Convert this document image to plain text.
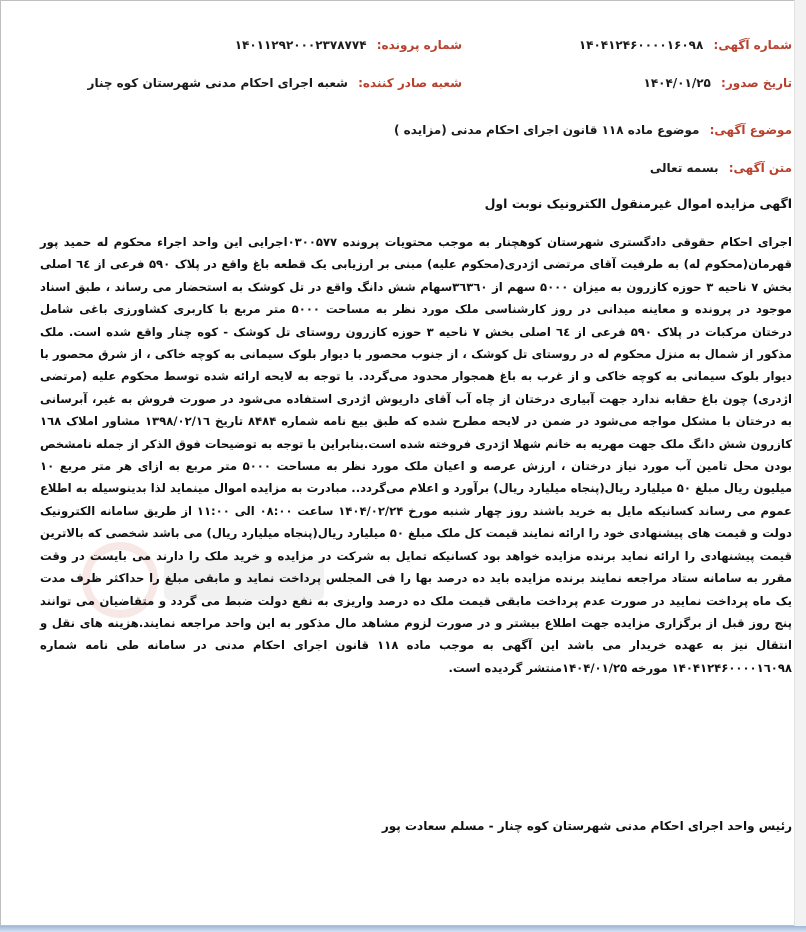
شماره آگهی: ۱۴۰۴۱۲۴۶۰۰۰۰۱۶۰۹۸
شماره پرونده: ۱۴۰۱۱۲۹۲۰۰۰۲۳۷۸۷۷۴
تاریخ صدور: ۱۴۰۴/۰۱/۲۵
شعبه صادر کننده: شعبه اجرای احکام مدنی شهرستان کوه چنار
موضوع آگهی: موضوع ماده ۱۱۸ قانون اجرای احکام مدنی (مزایده )
متن آگهی: بسمه تعالی
اگهی مزایده اموال غیرمنقول الکترونیک نوبت اول
اجرای احکام حقوقی دادگستری شهرستان کوهچنار به موجب محتویات پرونده ۰۳۰۰۵۷۷اجرایی این واحد اجراء محکوم له حمید پور قهرمان(محکوم له) به طرفیت آقای مرتضی اژدری(محکوم علیه) مبنی بر ارزیابی یک قطعه باغ واقع در پلاک ۵۹۰ فرعی از ٦٤ اصلی بخش ۷ ناحیه ۳ حوزه کازرون به میزان ۵۰۰۰ سهم از ۳٦۳٦۰سهام شش دانگ واقع در تل کوشک به استحضار می رساند ، طبق اسناد موجود در پرونده و معاینه میدانی در روز کارشناسی ملک مورد نظر به مساحت ۵۰۰۰ متر مربع با کاربری کشاورزی باغی شامل درختان مرکبات در پلاک ۵۹۰ فرعی از ٦٤ اصلی بخش ۷ ناحیه ۳ حوزه کازرون روستای تل کوشک - کوه چنار واقع شده است. ملک مذکور از شمال به منزل محکوم له در روستای تل کوشک ، از جنوب محصور با دیوار بلوک سیمانی به کوچه خاکی ، از شرق محصور با دیوار بلوک سیمانی به کوچه خاکی و از غرب به باغ همجوار محدود می‌گردد. با توجه به لایحه ارائه شده توسط محکوم علیه (مرتضی اژدری) چون باغ حقابه ندارد جهت آبیاری درختان از چاه آب آقای داریوش اژدری استفاده می‌شود در صورت فروش به غیر، آبرسانی به درختان با مشکل مواجه می‌شود در ضمن در لایحه مطرح شده که طبق بیع نامه شماره ۸۴۸۴ تاریخ ۱۳۹۸/۰۲/۱٦ مشاور املاک ۱٦۸ کازرون شش دانگ ملک جهت مهریه به خانم شهلا اژدری فروخته شده است.بنابراین با توجه به توضیحات فوق الذکر از جمله نامشخص بودن محل تامین آب مورد نیاز درختان ، ارزش عرصه و اعیان ملک مورد نظر به مساحت ۵۰۰۰ متر مربع به ازای هر متر مربع ۱۰ میلیون ریال مبلغ ۵۰ میلیارد ریال(پنجاه میلیارد ریال) برآورد و اعلام می‌گردد.. مبادرت به مزایده اموال مینماید لذا بدینوسیله به اطلاع عموم می رساند کسانیکه مایل به خرید باشند روز چهار شنبه مورخ ۱۴۰۴/۰۲/۲۴ ساعت ۰۸:۰۰ الی ۱۱:۰۰ از طریق سامانه الکترونیک دولت و قیمت های پیشنهادی خود را ارائه نمایند قیمت کل ملک مبلغ ۵۰ میلیارد ریال(پنجاه میلیارد ریال) می باشد شخصی که بالاترین قیمت پیشنهادی را ارائه نماید برنده مزایده خواهد بود کسانیکه تمایل به شرکت در مزایده و خرید ملک را دارند می بایست در وقت مقرر به سامانه ستاد مراجعه نمایند برنده مزایده باید ده درصد بها را فی المجلس پرداخت نماید و مابقی مبلغ را حداکثر ظرف مدت یک ماه پرداخت نمایید در صورت عدم پرداخت مابقی قیمت ملک ده درصد واریزی به نفع دولت ضبط می گردد و متقاضیان می توانند پنج روز قبل از برگزاری مزایده جهت اطلاع بیشتر و در صورت لزوم مشاهد مال مذکور به این واحد مراجعه نمایند.هزینه های نقل و انتقال نیز به عهده خریدار می باشد این آگهی به موجب ماده ۱۱۸ قانون اجرای احکام مدنی در سامانه طی نامه شماره ۱۴۰۴۱۲۴۶۰۰۰۰۱٦۰۹۸ مورخه ۱۴۰۴/۰۱/۲۵منتشر گردیده است.
رئیس واحد اجرای احکام مدنی شهرستان کوه چنار - مسلم سعادت پور
